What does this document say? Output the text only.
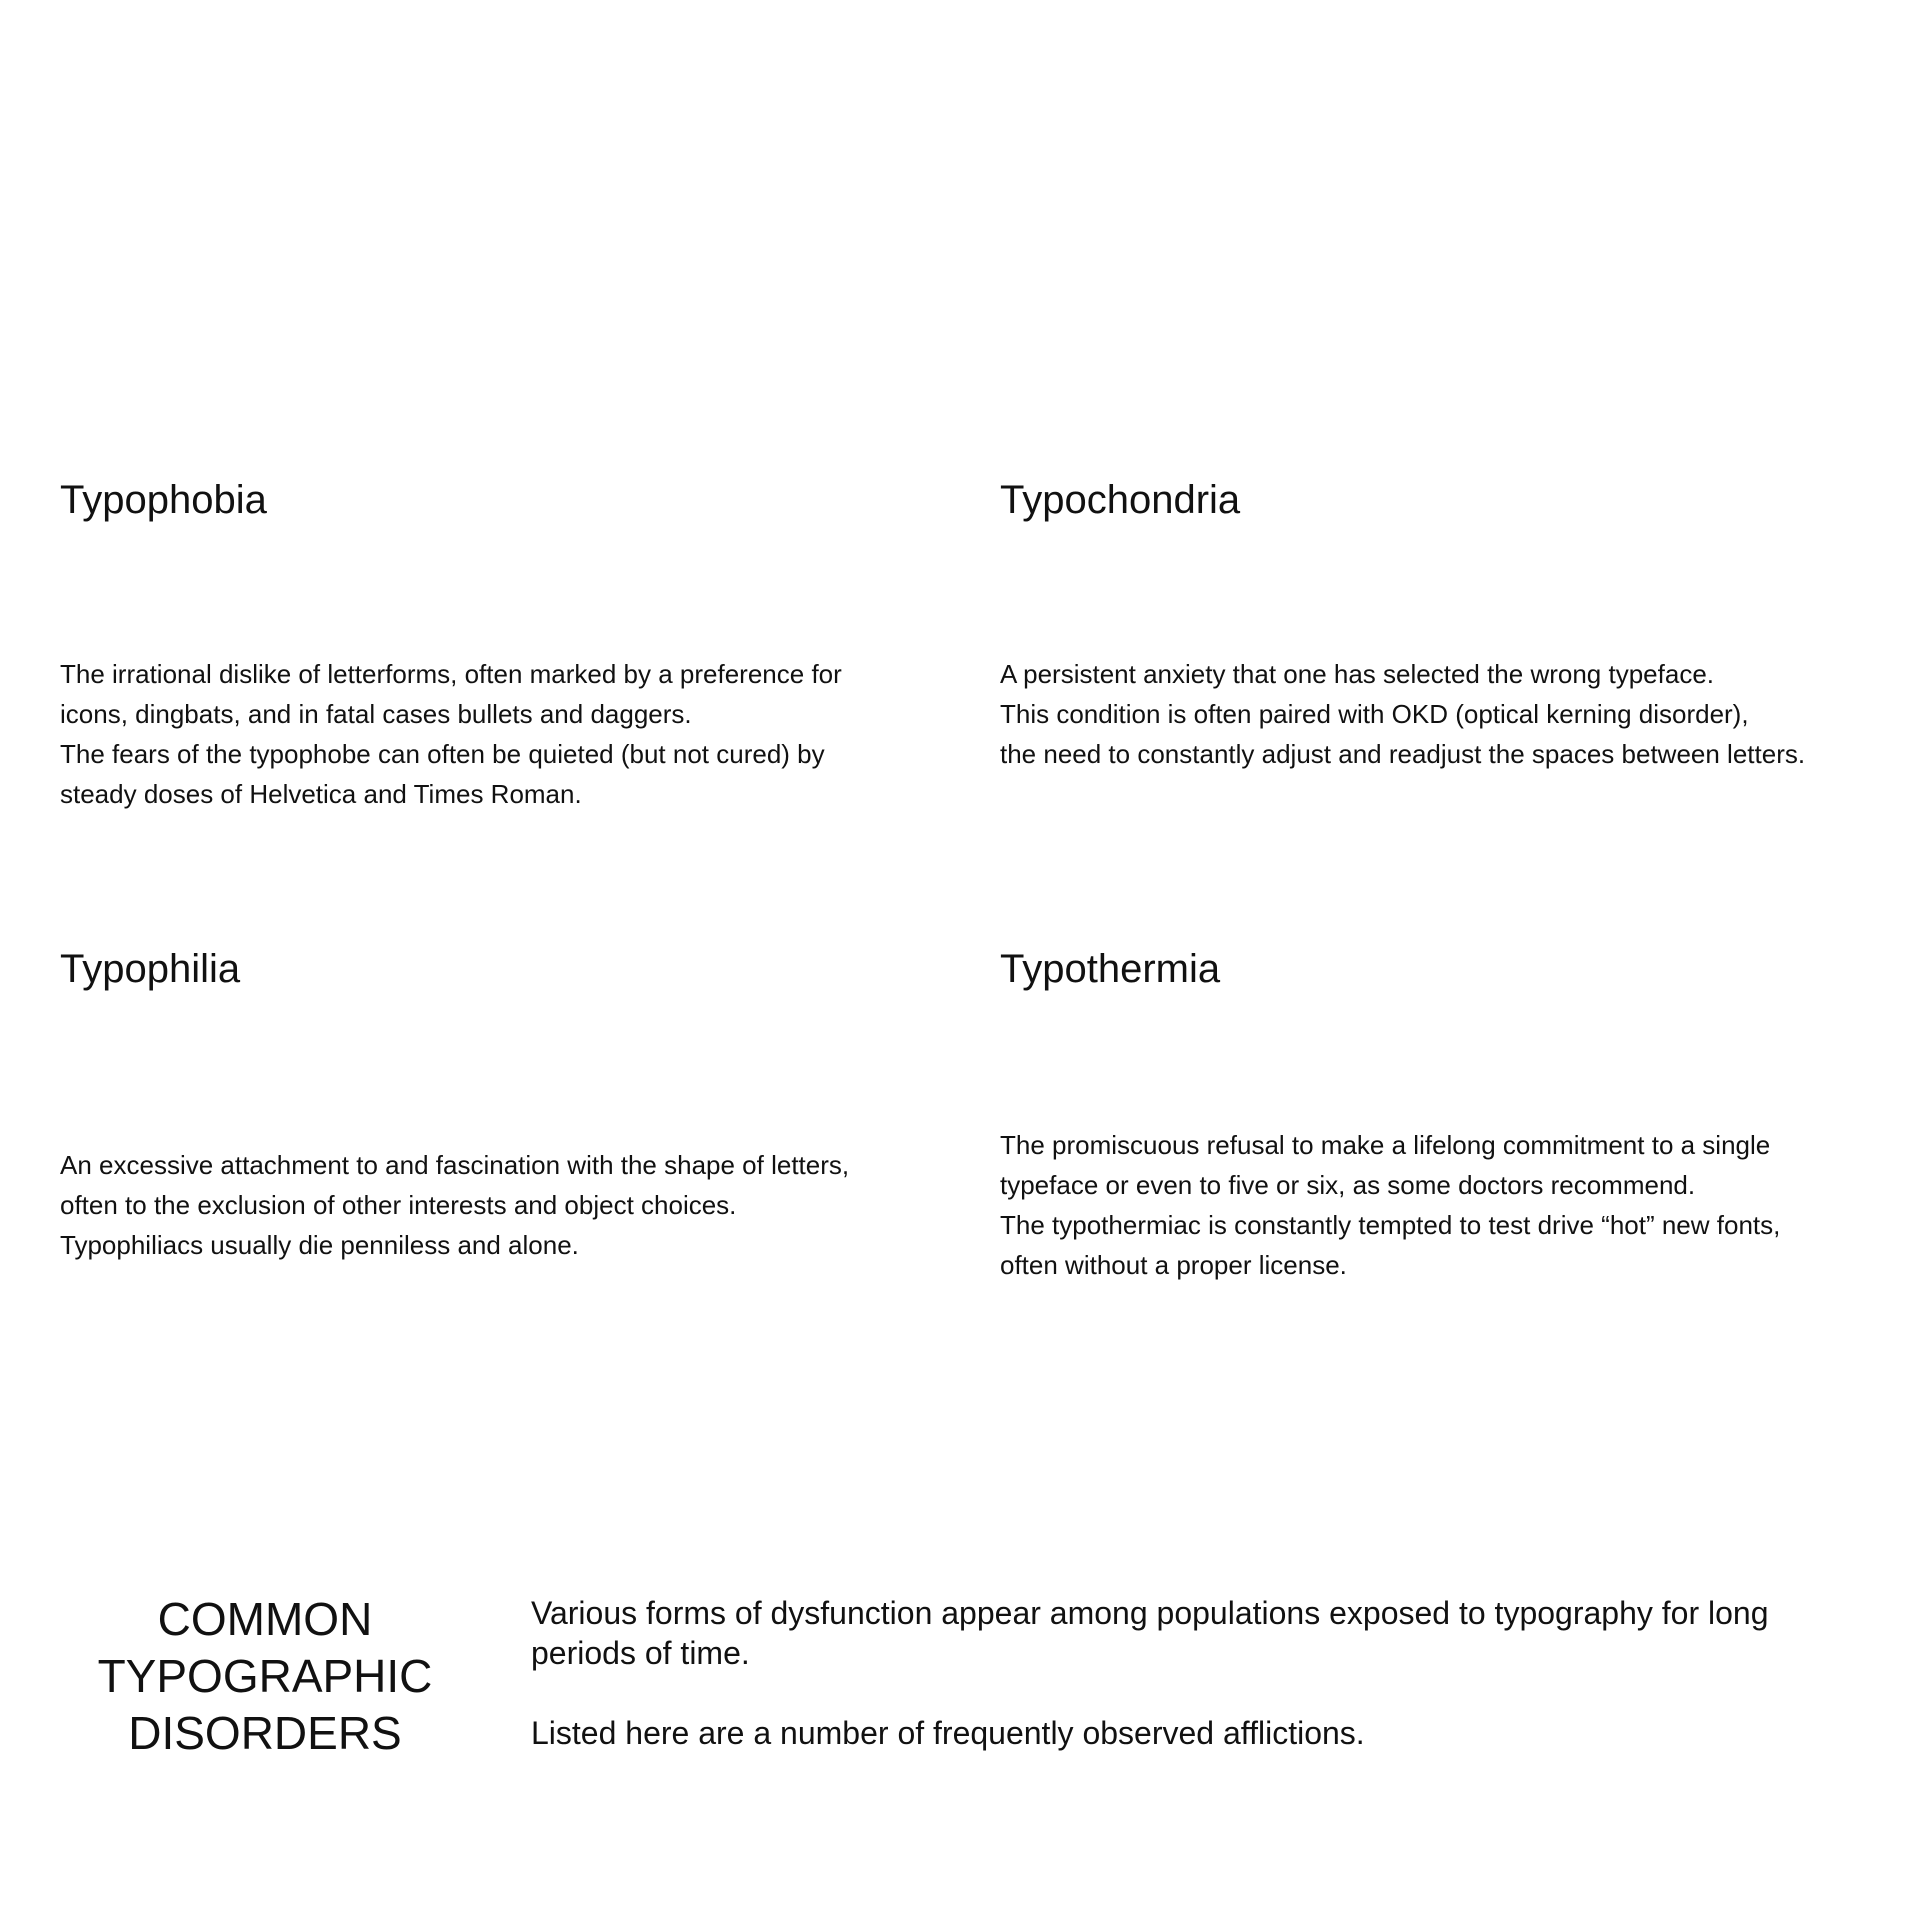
Typophobia

The irrational dislike of letterforms, often marked by a preference for
icons, dingbats, and in fatal cases bullets and daggers.
The fears of the typophobe can often be quieted (but not cured) by
steady doses of Helvetica and Times Roman.

Typochondria

A persistent anxiety that one has selected the wrong typeface.
This condition is often paired with OKD (optical kerning disorder),
the need to constantly adjust and readjust the spaces between letters.

Typophilia

An excessive attachment to and fascination with the shape of letters,
often to the exclusion of other interests and object choices.
Typophiliacs usually die penniless and alone.

Typothermia

The promiscuous refusal to make a lifelong commitment to a single
typeface or even to five or six, as some doctors recommend.
The typothermiac is constantly tempted to test drive “hot” new fonts,
often without a proper license.

COMMON
TYPOGRAPHIC
DISORDERS
Various forms of dysfunction appear among populations exposed to typography for long
periods of time.
Listed here are a number of frequently observed afflictions.
